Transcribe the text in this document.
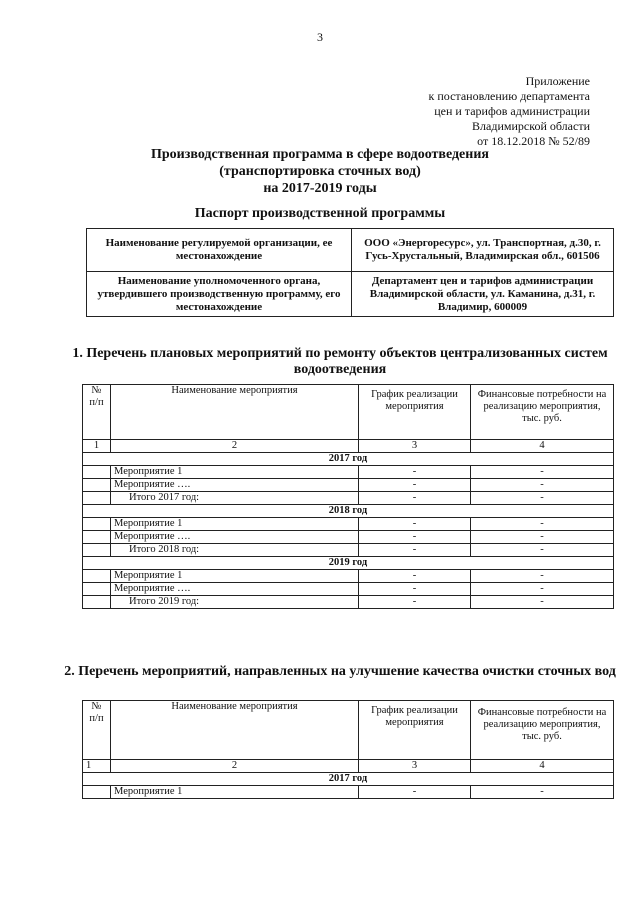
3
Приложение
к постановлению департамента
цен и тарифов администрации
Владимирской области
от 18.12.2018 № 52/89
Производственная программа в сфере водоотведения
(транспортировка сточных вод)
на 2017-2019 годы
Паспорт производственной программы
Наименование регулируемой организации, ее местонахождение	ООО «Энергоресурс», ул. Транспортная, д.30, г. Гусь-Хрустальный, Владимирская обл., 601506
Наименование уполномоченного органа, утвердившего производственную программу, его местонахождение	Департамент цен и тарифов администрации Владимирской области, ул. Каманина, д.31, г. Владимир, 600009
1. Перечень плановых мероприятий по ремонту объектов централизованных систем водоотведения
№ п/п	Наименование мероприятия	График реализации мероприятия	Финансовые потребности на реализацию мероприятия, тыс. руб.
1	2	3	4
2017 год			
	Мероприятие 1	-	-
	Мероприятие ….	-	-
	Итого 2017 год:	-	-
2018 год			
	Мероприятие 1	-	-
	Мероприятие ….	-	-
	Итого 2018 год:	-	-
2019 год			
	Мероприятие 1	-	-
	Мероприятие ….	-	-
	Итого 2019 год:	-	-
2. Перечень мероприятий, направленных на улучшение качества очистки сточных вод
№ п/п	Наименование мероприятия	График реализации мероприятия	Финансовые потребности на реализацию мероприятия, тыс. руб.
1	2	3	4
2017 год			
	Мероприятие 1	-	-
